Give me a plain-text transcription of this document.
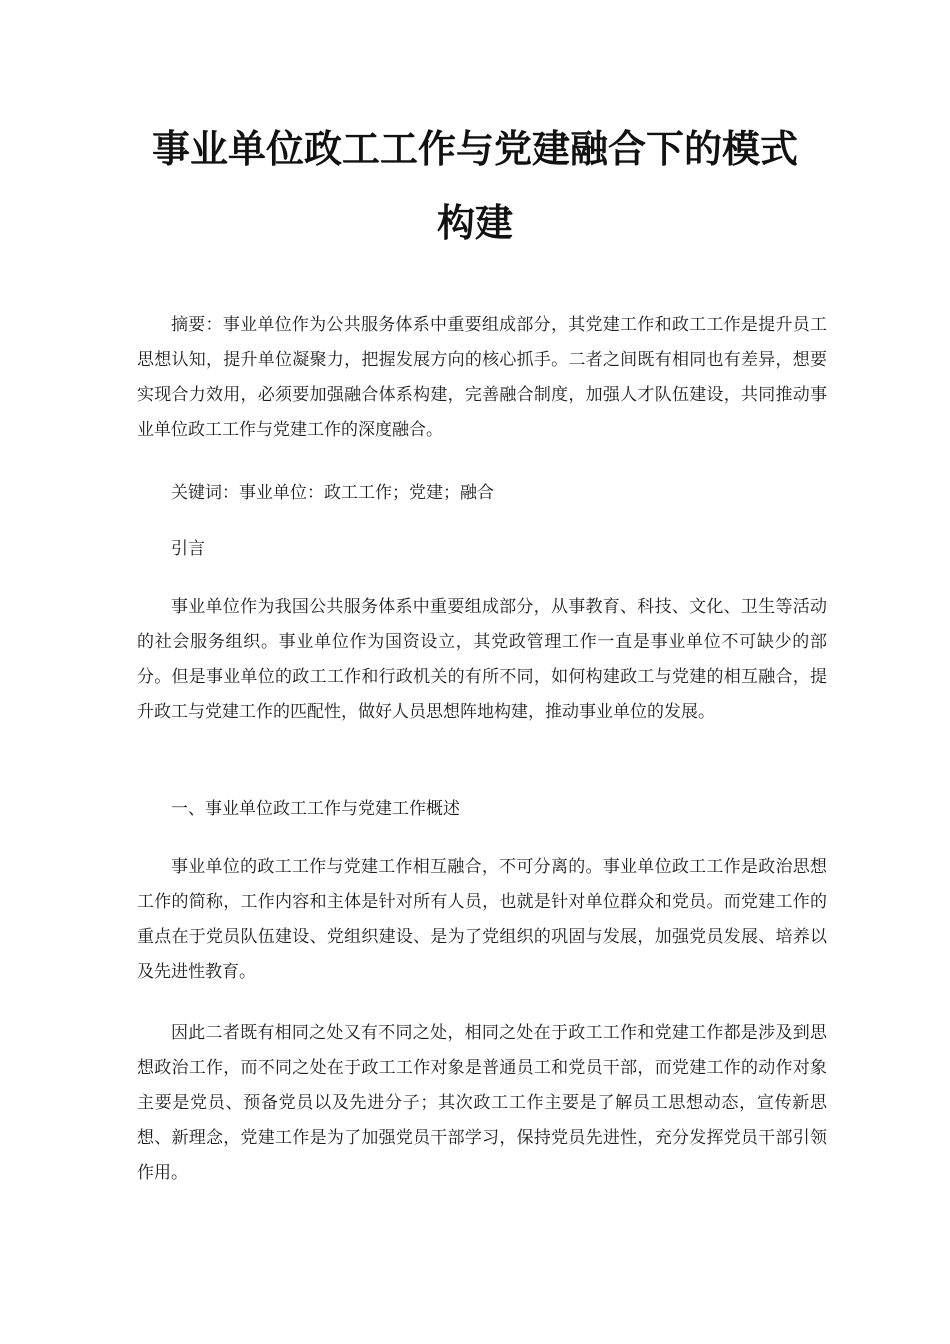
事业单位政工工作与党建融合下的模式
构建

摘要：事业单位作为公共服务体系中重要组成部分，其党建工作和政工工作是提升员工思想认知，提升单位凝聚力，把握发展方向的核心抓手。二者之间既有相同也有差异，想要实现合力效用，必须要加强融合体系构建，完善融合制度，加强人才队伍建设，共同推动事业单位政工工作与党建工作的深度融合。

关键词：事业单位：政工工作；党建；融合

引言

事业单位作为我国公共服务体系中重要组成部分，从事教育、科技、文化、卫生等活动的社会服务组织。事业单位作为国资设立，其党政管理工作一直是事业单位不可缺少的部分。但是事业单位的政工工作和行政机关的有所不同，如何构建政工与党建的相互融合，提升政工与党建工作的匹配性，做好人员思想阵地构建，推动事业单位的发展。

一、事业单位政工工作与党建工作概述

事业单位的政工工作与党建工作相互融合，不可分离的。事业单位政工工作是政治思想工作的简称，工作内容和主体是针对所有人员，也就是针对单位群众和党员。而党建工作的重点在于党员队伍建设、党组织建设、是为了党组织的巩固与发展，加强党员发展、培养以及先进性教育。

因此二者既有相同之处又有不同之处，相同之处在于政工工作和党建工作都是涉及到思想政治工作，而不同之处在于政工工作对象是普通员工和党员干部，而党建工作的动作对象主要是党员、预备党员以及先进分子；其次政工工作主要是了解员工思想动态，宣传新思想、新理念，党建工作是为了加强党员干部学习，保持党员先进性，充分发挥党员干部引领作用。
